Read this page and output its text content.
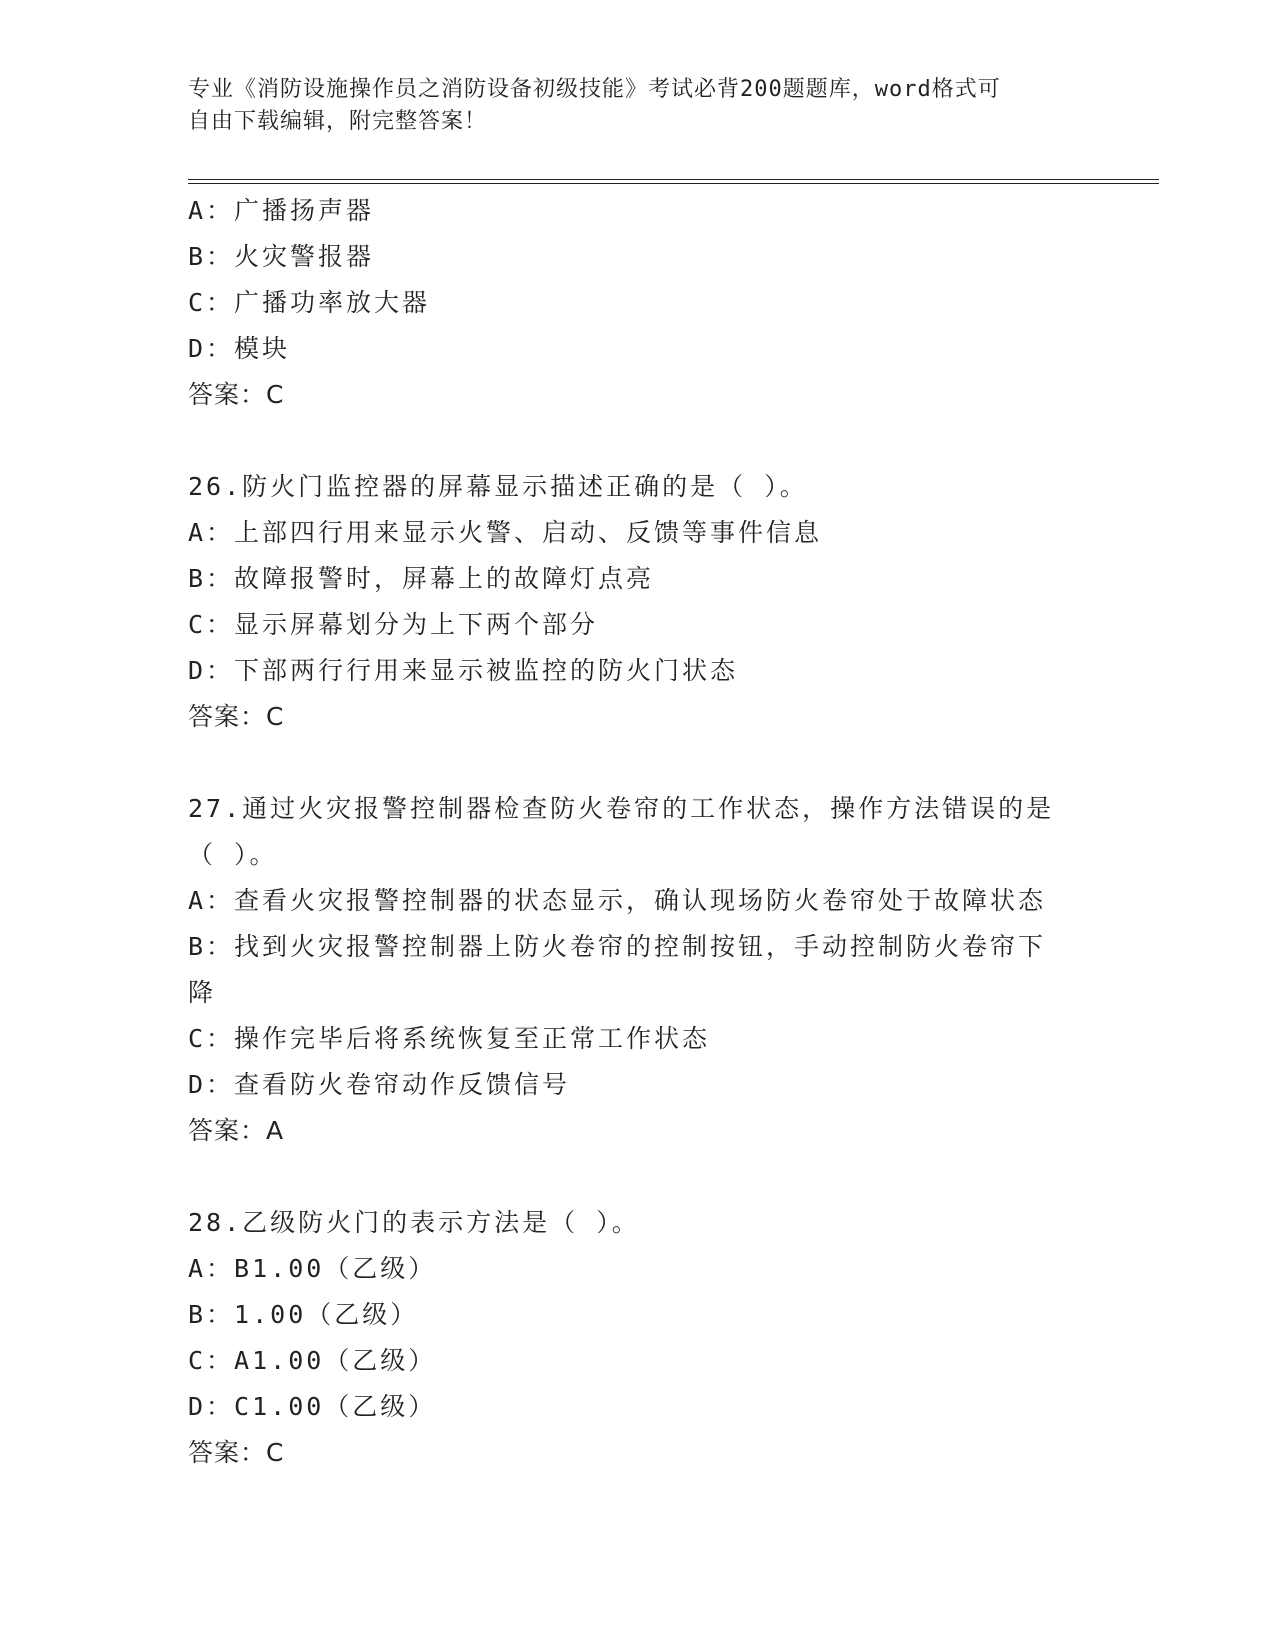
专业《消防设施操作员之消防设备初级技能》考试必背200题题库，word格式可
自由下载编辑，附完整答案！
A：广播扬声器
B：火灾警报器
C：广播功率放大器
D：模块
答案：C
26.防火门监控器的屏幕显示描述正确的是（ ）。
A：上部四行用来显示火警、启动、反馈等事件信息
B：故障报警时，屏幕上的故障灯点亮
C：显示屏幕划分为上下两个部分
D：下部两行行用来显示被监控的防火门状态
答案：C
27.通过火灾报警控制器检查防火卷帘的工作状态，操作方法错误的是
（ ）。
A：查看火灾报警控制器的状态显示，确认现场防火卷帘处于故障状态
B：找到火灾报警控制器上防火卷帘的控制按钮，手动控制防火卷帘下
降
C：操作完毕后将系统恢复至正常工作状态
D：查看防火卷帘动作反馈信号
答案：A
28.乙级防火门的表示方法是（ ）。
A：B1.00（乙级）
B：1.00（乙级）
C：A1.00（乙级）
D：C1.00（乙级）
答案：C
